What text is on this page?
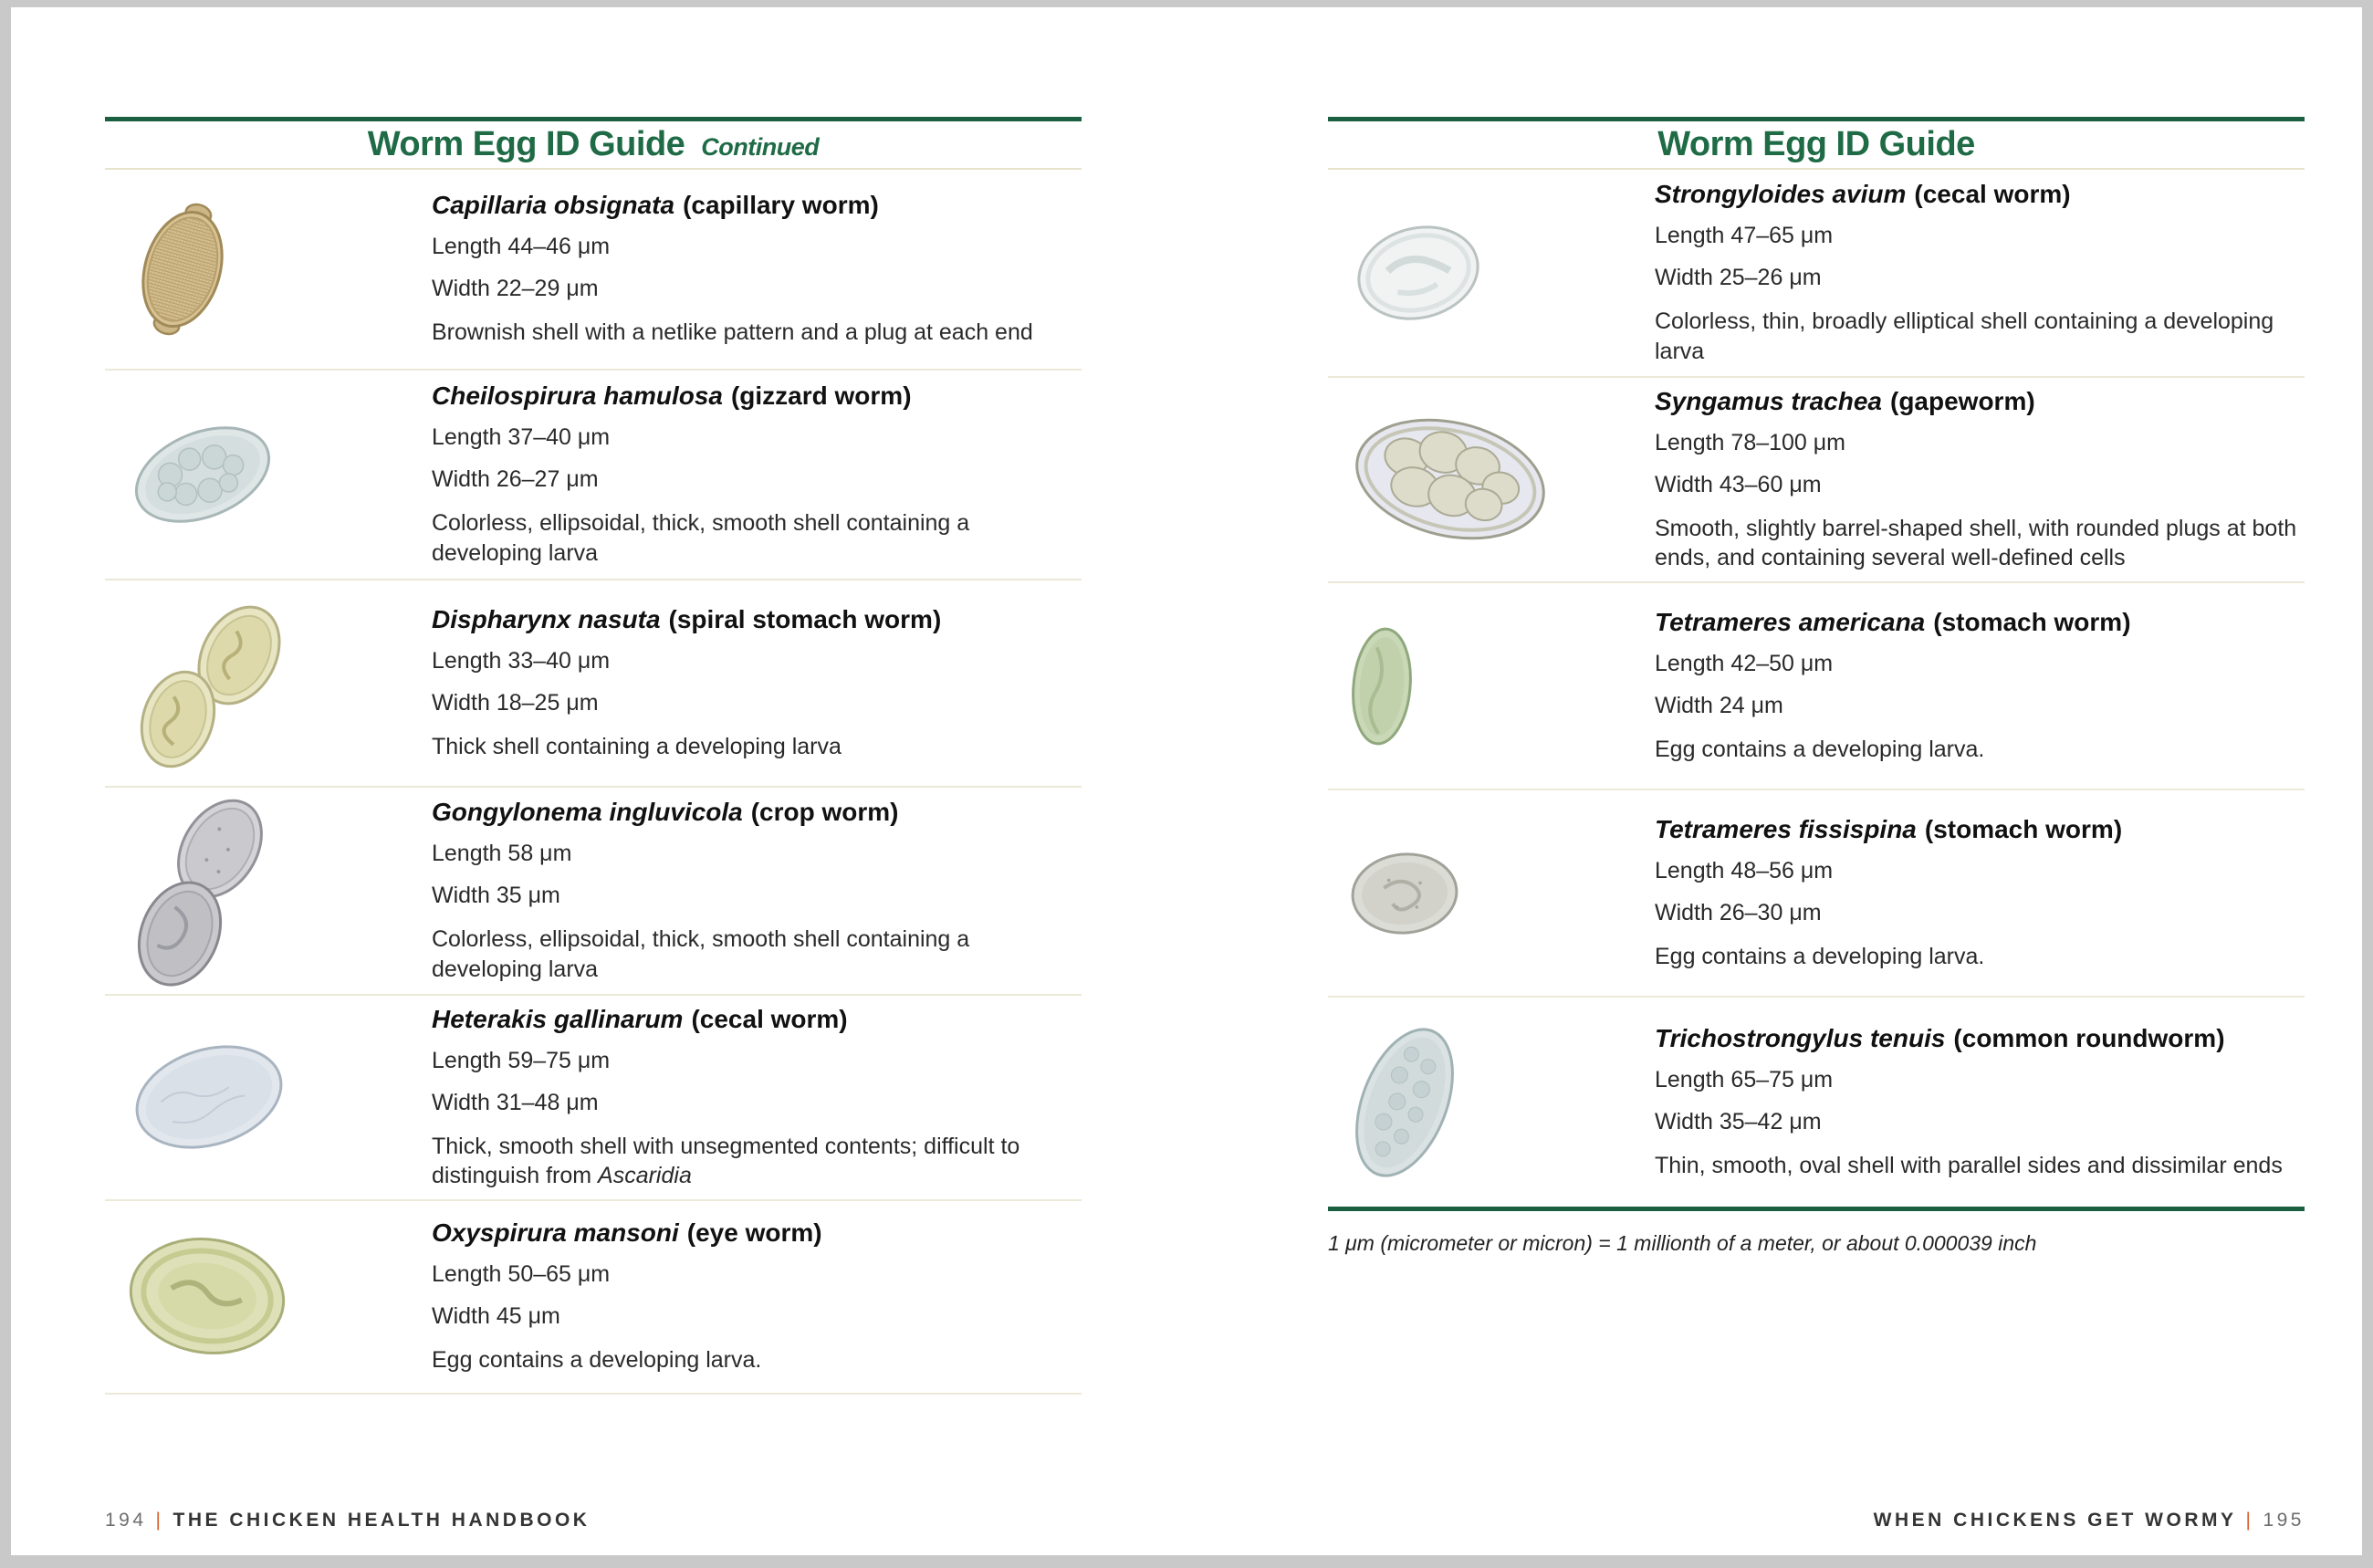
Worm Egg ID Guide Continued
Capillaria obsignata (capillary worm)

Length 44–46 μm

Width 22–29 μm

Brownish shell with a netlike pattern and a plug at each end

Cheilospirura hamulosa (gizzard worm)

Length 37–40 μm

Width 26–27 μm

Colorless, ellipsoidal, thick, smooth shell containing a developing larva

Dispharynx nasuta (spiral stomach worm)

Length 33–40 μm

Width 18–25 μm

Thick shell containing a developing larva

Gongylonema ingluvicola (crop worm)

Length 58 μm

Width 35 μm

Colorless, ellipsoidal, thick, smooth shell containing a developing larva

Heterakis gallinarum (cecal worm)

Length 59–75 μm

Width 31–48 μm

Thick, smooth shell with unsegmented contents; difficult to distinguish from Ascaridia

Oxyspirura mansoni (eye worm)

Length 50–65 μm

Width 45 μm

Egg contains a developing larva.

Worm Egg ID Guide
Strongyloides avium (cecal worm)

Length 47–65 μm

Width 25–26 μm

Colorless, thin, broadly elliptical shell containing a developing larva

Syngamus trachea (gapeworm)

Length 78–100 μm

Width 43–60 μm

Smooth, slightly barrel-shaped shell, with rounded plugs at both ends, and containing several well-defined cells

Tetrameres americana (stomach worm)

Length 42–50 μm

Width 24 μm

Egg contains a developing larva.

Tetrameres fissispina (stomach worm)

Length 48–56 μm

Width 26–30 μm

Egg contains a developing larva.

Trichostrongylus tenuis (common roundworm)

Length 65–75 μm

Width 35–42 μm

Thin, smooth, oval shell with parallel sides and dissimilar ends

1 μm (micrometer or micron) = 1 millionth of a meter, or about 0.000039 inch

194 | THE CHICKEN HEALTH HANDBOOK	WHEN CHICKENS GET WORMY | 195
